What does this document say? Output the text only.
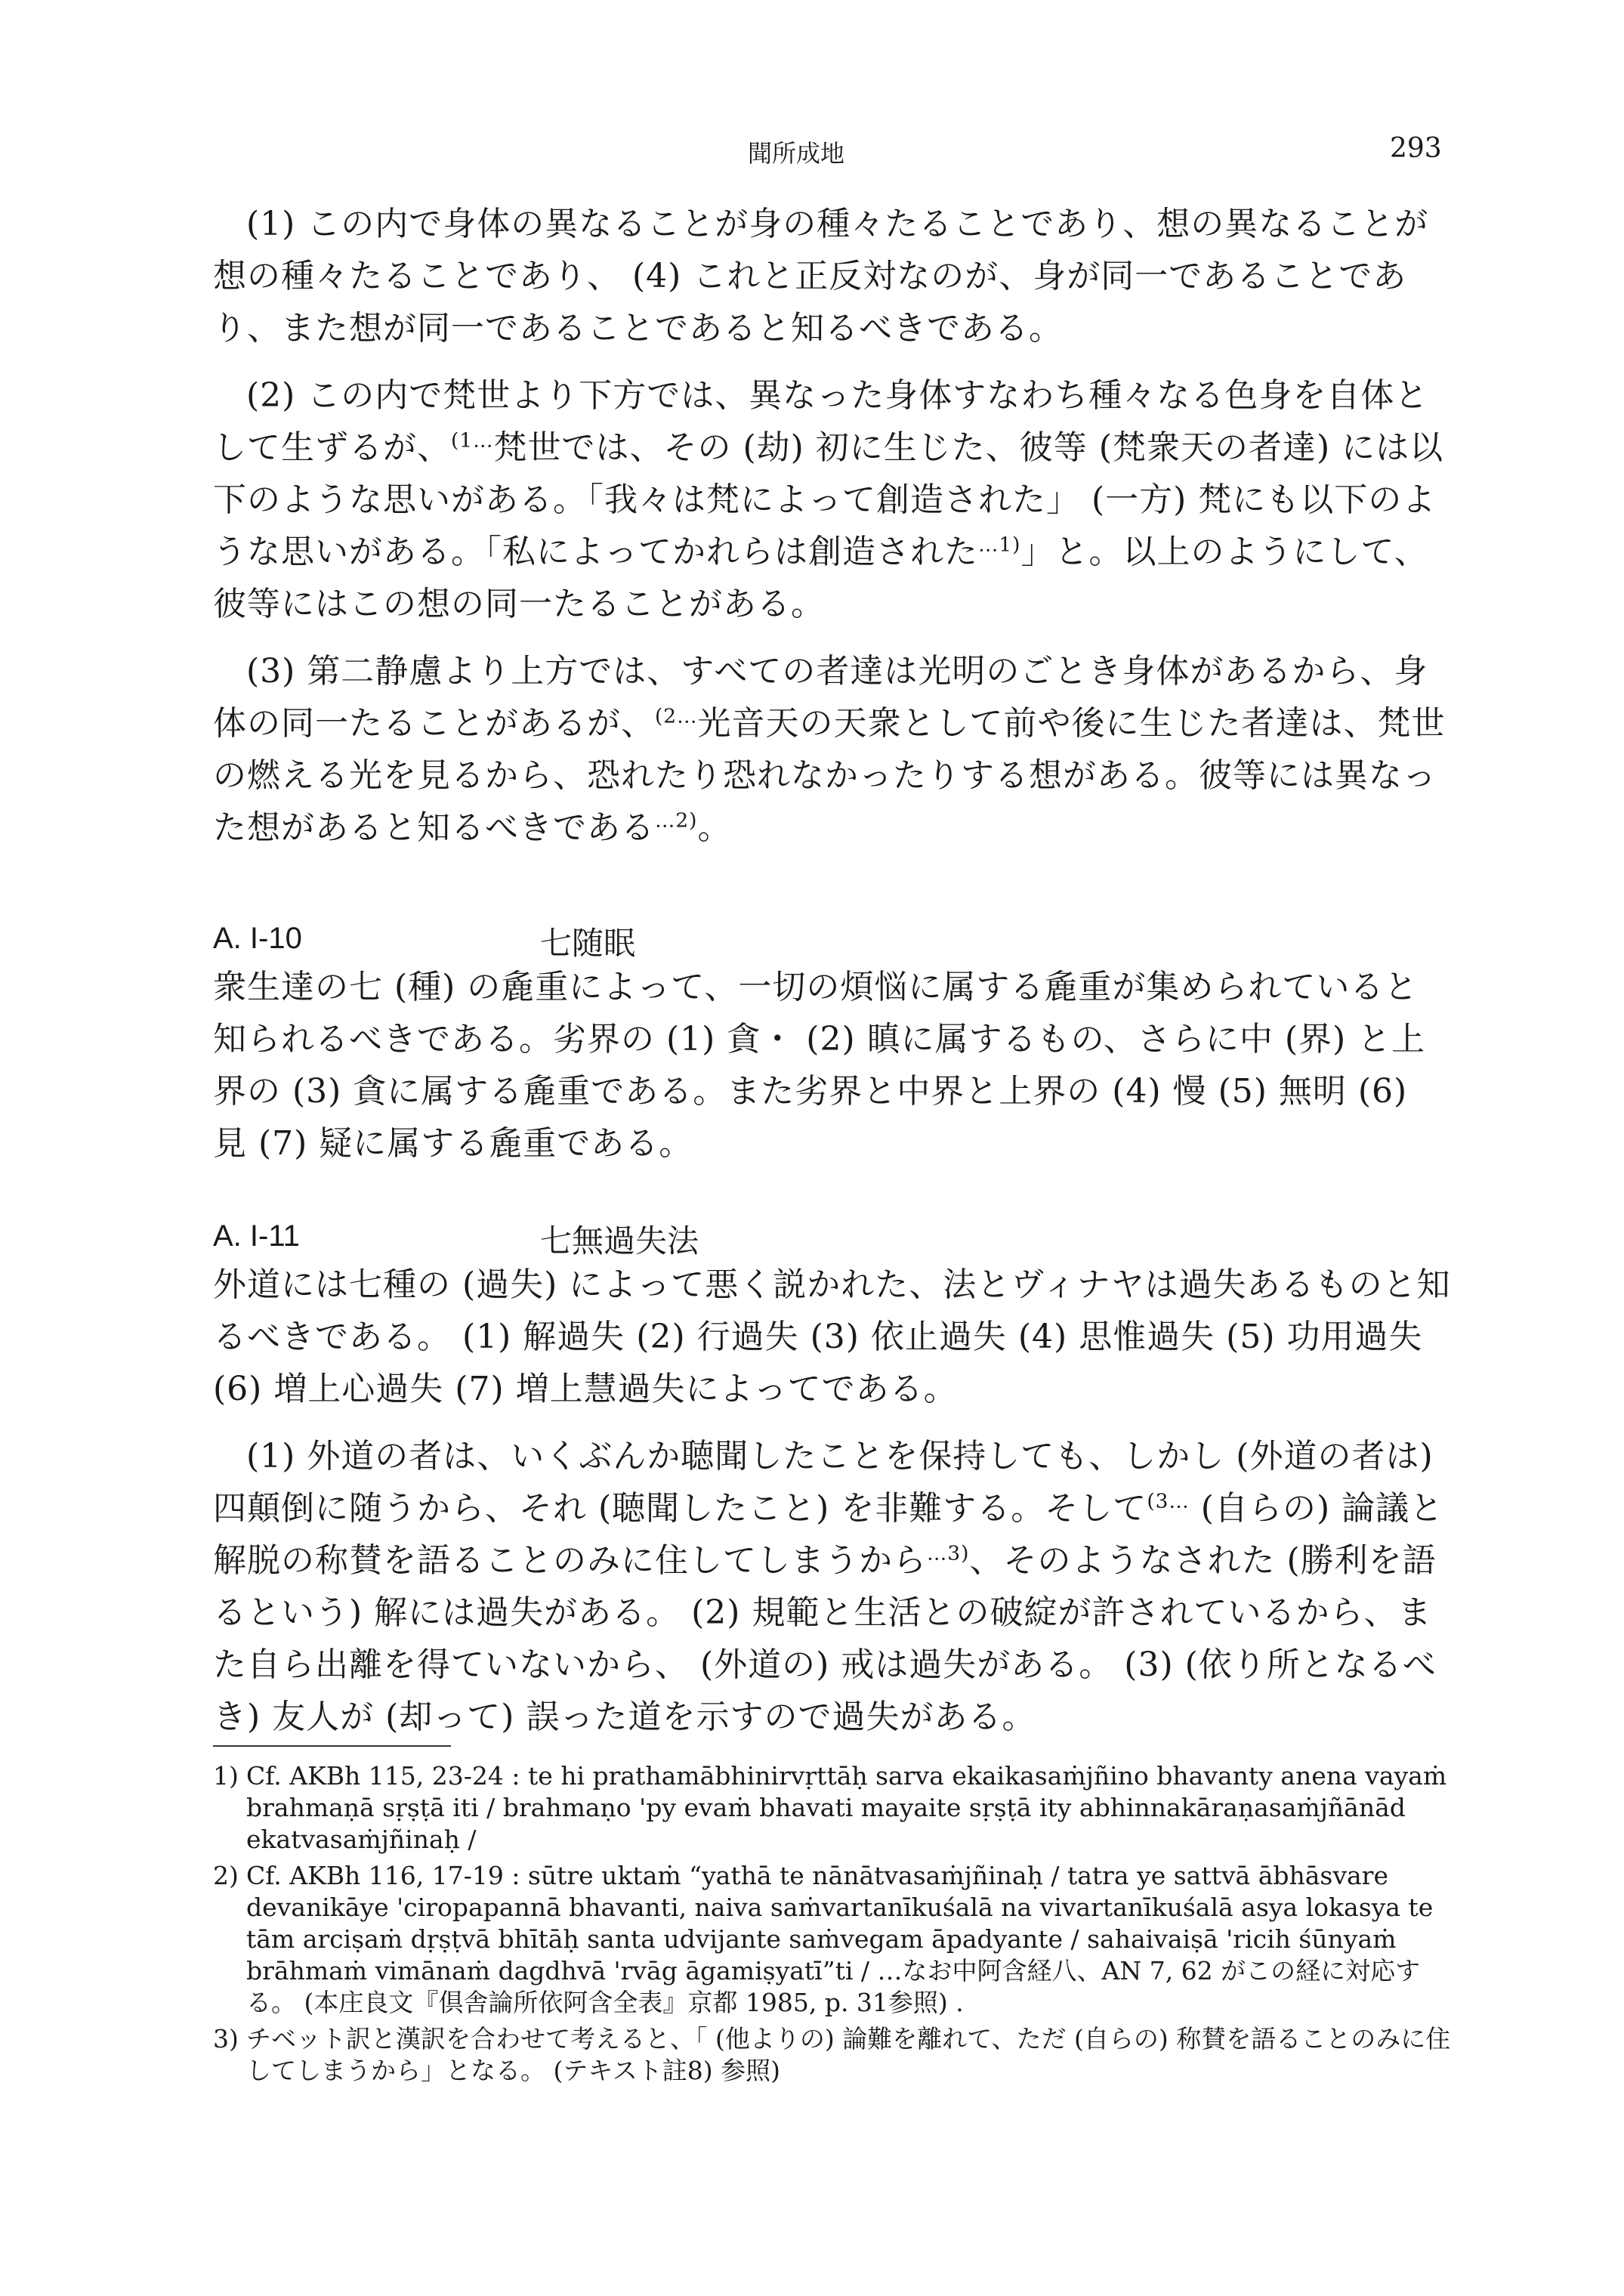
聞所成地	293

(1) この内で身体の異なることが身の種々たることであり、想の異なることが想の種々たることであり、 (4) これと正反対なのが、身が同一であることであり、また想が同一であることであると知るべきである。

(2) この内で梵世より下方では、異なった身体すなわち種々なる色身を自体として生ずるが、$^{(1\dots}$梵世では、その (劫) 初に生じた、彼等 (梵衆天の者達) には以下のような思いがある。「我々は梵によって創造された」 (一方) 梵にも以下のような思いがある。「私によってかれらは創造された$^{\dots 1)}$」と。以上のようにして、彼等にはこの想の同一たることがある。

(3) 第二静慮より上方では、すべての者達は光明のごとき身体があるから、身体の同一たることがあるが、$^{(2\dots}$光音天の天衆として前や後に生じた者達は、梵世の燃える光を見るから、恐れたり恐れなかったりする想がある。彼等には異なった想があると知るべきである$^{\dots 2)}$。

A. I-10	七随眠

衆生達の七 (種) の麁重によって、一切の煩悩に属する麁重が集められていると知られるべきである。劣界の (1) 貪・ (2) 瞋に属するもの、さらに中 (界) と上界の (3) 貪に属する麁重である。また劣界と中界と上界の (4) 慢 (5) 無明 (6) 見 (7) 疑に属する麁重である。

A. I-11	七無過失法

外道には七種の (過失) によって悪く説かれた、法とヴィナヤは過失あるものと知るべきである。 (1) 解過失 (2) 行過失 (3) 依止過失 (4) 思惟過失 (5) 功用過失 (6) 増上心過失 (7) 増上慧過失によってである。

(1) 外道の者は、いくぶんか聴聞したことを保持しても、しかし (外道の者は) 四顛倒に随うから、それ (聴聞したこと) を非難する。そして$^{(3\dots}$ (自らの) 論議と解脱の称賛を語ることのみに住してしまうから$^{\dots 3)}$、そのようなされた (勝利を語るという) 解には過失がある。 (2) 規範と生活との破綻が許されているから、また自ら出離を得ていないから、 (外道の) 戒は過失がある。 (3) (依り所となるべき) 友人が (却って) 誤った道を示すので過失がある。

1) Cf. AKBh 115, 23-24 : te hi prathamābhinirvṛttāḥ sarva ekaikasaṁjñino bhavanty anena vayaṁ brahmaṇā sṛṣṭā iti / brahmaṇo 'py evaṁ bhavati mayaite sṛṣṭā ity abhinnakāraṇasaṁjñānād ekatvasaṁjñinaḥ /
2) Cf. AKBh 116, 17-19 : sūtre uktaṁ “yathā te nānātvasaṁjñinaḥ / tatra ye sattvā ābhāsvare devanikāye 'ciropapannā bhavanti, naiva saṁvartanīkuśalā na vivartanīkuśalā asya lokasya te tām arciṣaṁ dṛṣṭvā bhītāḥ santa udvijante saṁvegam āpadyante / sahaivaiṣā 'ricih śūnyaṁ brāhmaṁ vimānaṁ dagdhvā 'rvāg āgamiṣyatī”ti / …なお中阿含経八、AN 7, 62 がこの経に対応する。 (本庄良文『倶舎論所依阿含全表』京都 1985, p. 31参照) .
3) チベット訳と漢訳を合わせて考えると、「 (他よりの) 論難を離れて、ただ (自らの) 称賛を語ることのみに住してしまうから」となる。 (テキスト註8) 参照)
